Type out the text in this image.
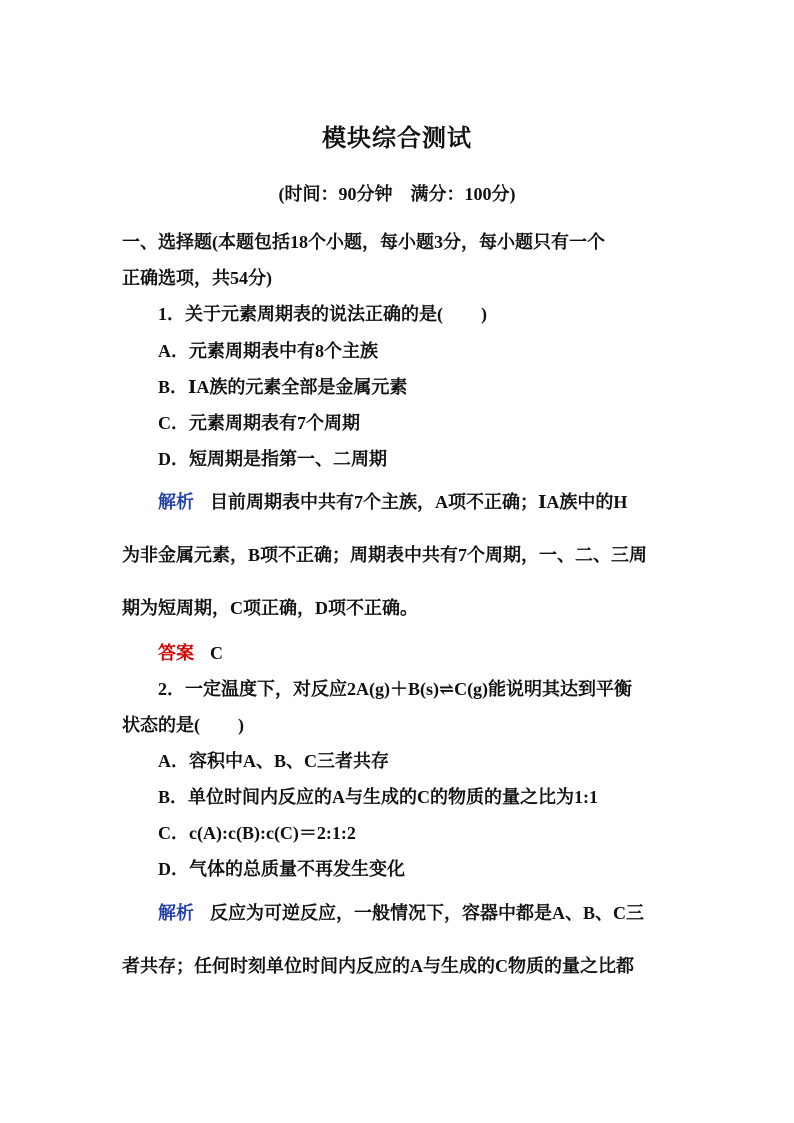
模块综合测试
(时间：90分钟　满分：100分)
一、选择题(本题包括18个小题，每小题3分，每小题只有一个
正确选项，共54分)
1．关于元素周期表的说法正确的是( )
A．元素周期表中有8个主族
B．ⅠA族的元素全部是金属元素
C．元素周期表有7个周期
D．短周期是指第一、二周期
解析 目前周期表中共有7个主族，A项不正确；ⅠA族中的H
为非金属元素，B项不正确；周期表中共有7个周期，一、二、三周
期为短周期，C项正确，D项不正确。
答案 C
2．一定温度下，对反应2A(g)＋B(s)⇌C(g)能说明其达到平衡
状态的是( )
A．容积中A、B、C三者共存
B．单位时间内反应的A与生成的C的物质的量之比为1:1
C．c(A):c(B):c(C)＝2:1:2
D．气体的总质量不再发生变化
解析 反应为可逆反应，一般情况下，容器中都是A、B、C三
者共存；任何时刻单位时间内反应的A与生成的C物质的量之比都
